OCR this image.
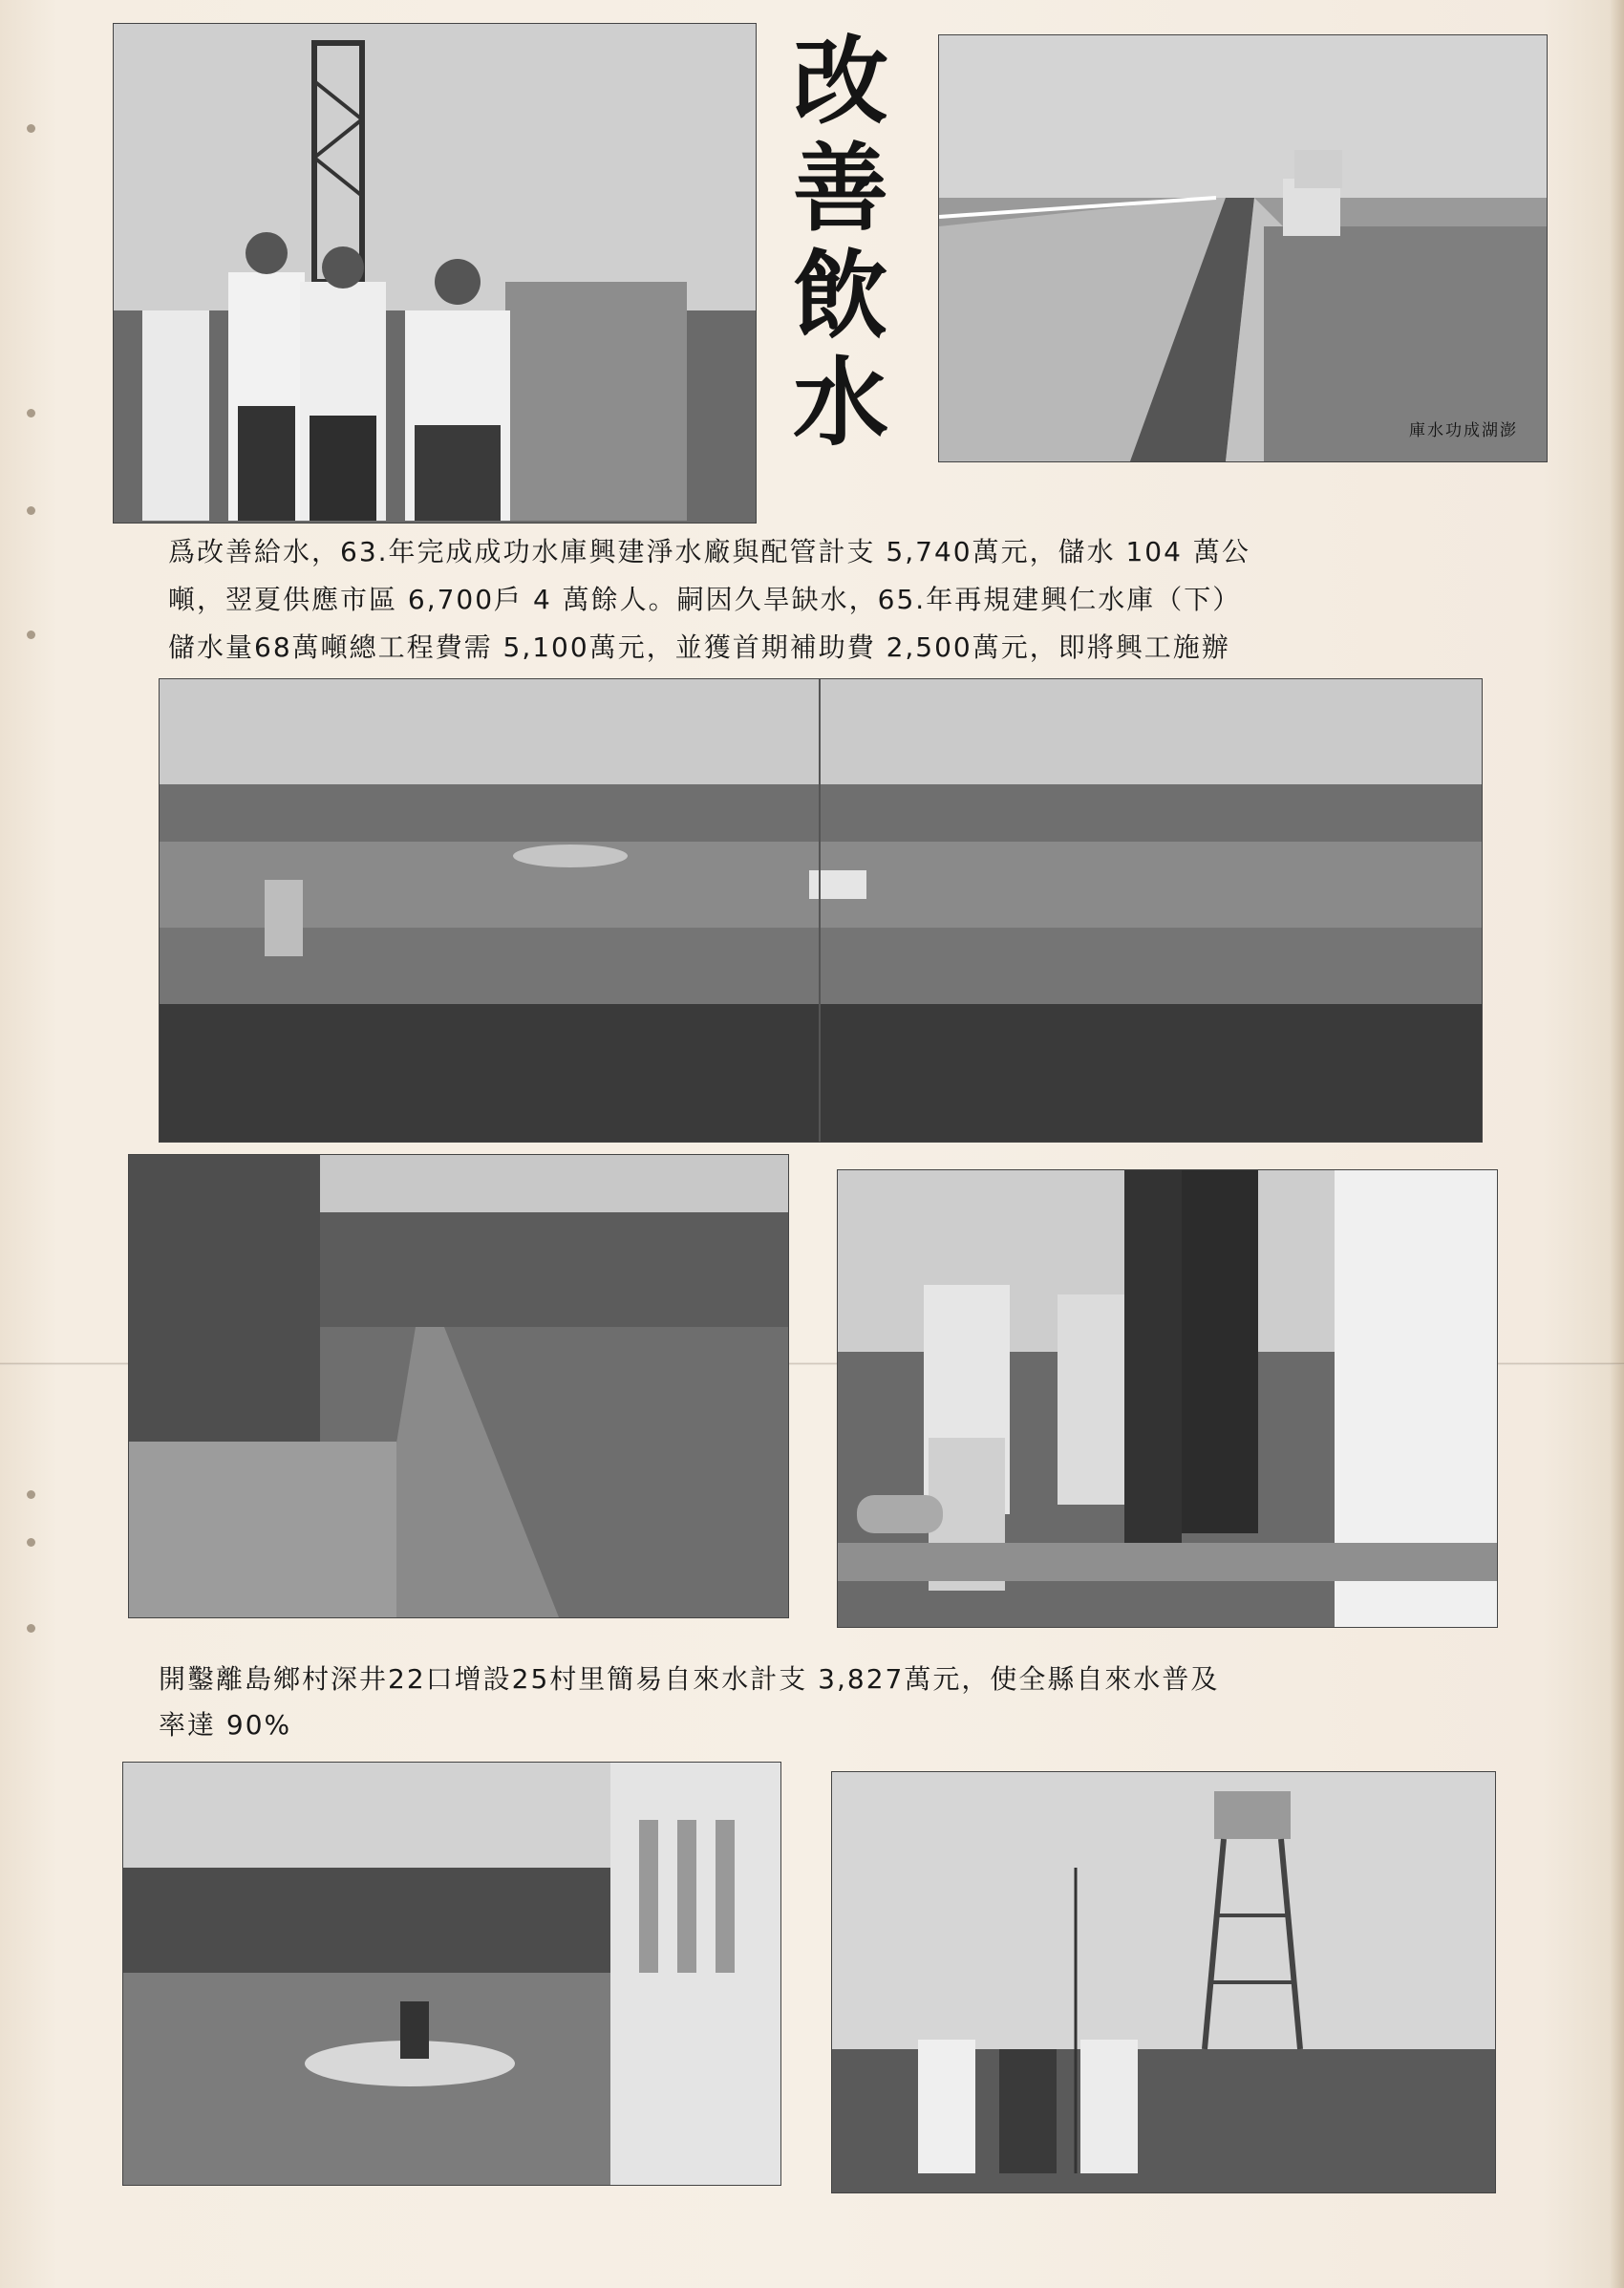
改
善
飲
水	澎湖成功水庫
爲改善給水，63.年完成成功水庫興建淨水廠與配管計支 5,740萬元，儲水 104 萬公
噸，翌夏供應市區 6,700戶 4 萬餘人。嗣因久旱缺水，65.年再規建興仁水庫（下）
儲水量68萬噸總工程費需 5,100萬元，並獲首期補助費 2,500萬元，即將興工施辦
開鑿離島鄉村深井22口增設25村里簡易自來水計支 3,827萬元，使全縣自來水普及
率達 90%
